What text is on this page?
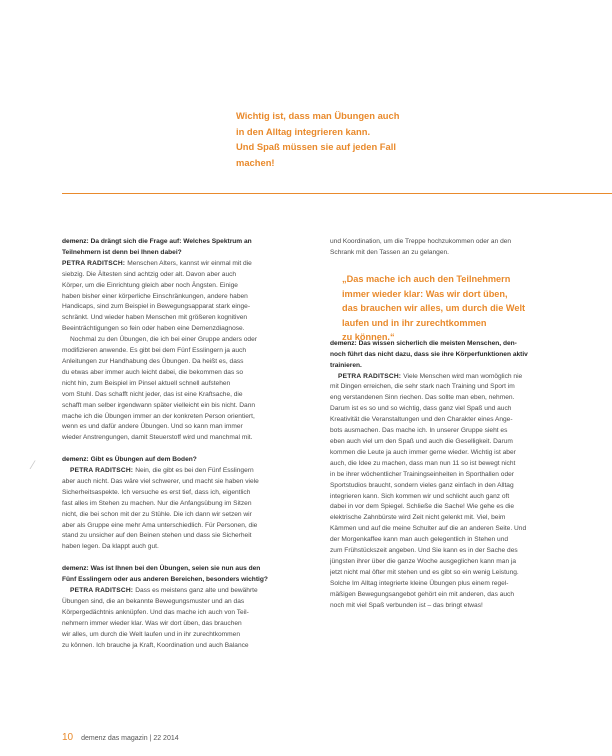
Wichtig ist, dass man Übungen auch
in den Alltag integrieren kann.
Und Spaß müssen sie auf jeden Fall
machen!

demenz: Da drängt sich die Frage auf: Welches Spektrum an

Teilnehmern ist denn bei Ihnen dabei?

PETRA RADITSCH: Menschen Alters, kannst wir einmal mit die

siebzig. Die Ältesten sind achtzig oder alt. Davon aber auch

Körper, um die Einrichtung gleich aber noch Ängsten. Einige

haben bisher einer körperliche Einschränkungen, andere haben

Handicaps, sind zum Beispiel in Bewegungsapparat stark einge-

schränkt. Und wieder haben Menschen mit größeren kognitiven

Beeinträchtigungen so fein oder haben eine Demenzdiagnose.

Nochmal zu den Übungen, die ich bei einer Gruppe anders oder

modifizieren anwende. Es gibt bei dem Fünf Esslingern ja auch

Anleitungen zur Handhabung des Übungen. Da heißt es, dass

du etwas aber immer auch leicht dabei, die bekommen das so

nicht hin, zum Beispiel im Pinsel aktuell schnell aufstehen

vom Stuhl. Das schafft nicht jeder, das ist eine Kraftsache, die

schafft man selber irgendwann später vielleicht ein bis nicht. Dann

mache ich die Übungen immer an der konkreten Person orientiert,

wenn es und dafür andere Übungen. Und so kann man immer

wieder Anstrengungen, damit Steuerstoff wird und manchmal mit.

demenz: Gibt es Übungen auf dem Boden?

PETRA RADITSCH: Nein, die gibt es bei den Fünf Esslingern

aber auch nicht. Das wäre viel schwerer, und macht sie haben viele

Sicherheitsaspekte. Ich versuche es erst tief, dass ich, eigentlich

fast alles im Stehen zu machen. Nur die Anfangsübung im Sitzen

nicht, die bei schon mit der zu Stühle. Die ich dann wir setzen wir

aber als Gruppe eine mehr Ama unterschiedlich. Für Personen, die

stand zu unsicher auf den Beinen stehen und dass sie Sicherheit

haben legen. Da klappt auch gut.

demenz: Was ist Ihnen bei den Übungen, seien sie nun aus den

Fünf Esslingern oder aus anderen Bereichen, besonders wichtig?

PETRA RADITSCH: Dass es meistens ganz alte und bewährte

Übungen sind, die an bekannte Bewegungsmuster und an das

Körpergedächtnis anknüpfen. Und das mache ich auch von Teil-

nehmern immer wieder klar. Was wir dort üben, das brauchen

wir alles, um durch die Welt laufen und in ihr zurechtkommen

zu können. Ich brauche ja Kraft, Koordination und auch Balance

und Koordination, um die Treppe hochzukommen oder an den

Schrank mit den Tassen an zu gelangen.

demenz: Das wissen sicherlich die meisten Menschen, den-

noch führt das nicht dazu, dass sie ihre Körperfunktionen aktiv

trainieren.

PETRA RADITSCH: Viele Menschen wird man womöglich nie

mit Dingen erreichen, die sehr stark nach Training und Sport im

eng verstandenen Sinn riechen. Das sollte man eben, nehmen.

Darum ist es so und so wichtig, dass ganz viel Spaß und auch

Kreativität die Veranstaltungen und den Charakter eines Ange-

bots ausmachen. Das mache ich. In unserer Gruppe sieht es

eben auch viel um den Spaß und auch die Geselligkeit. Darum

kommen die Leute ja auch immer gerne wieder. Wichtig ist aber

auch, die Idee zu machen, dass man nun 11 so ist bewegt nicht

in be ihrer wöchentlicher Trainingseinheiten in Sporthallen oder

Sportstudios braucht, sondern vieles ganz einfach in den Alltag

integrieren kann. Sich kommen wir und schlicht auch ganz oft

dabei in vor dem Spiegel. Schließe die Sache! Wie gehe es die

elektrische Zahnbürste wird Zeit nicht gelenkt mit. Viel, beim

Kämmen und auf die meine Schulter auf die an anderen Seite. Und

der Morgenkaffee kann man auch gelegentlich in Stehen und

zum Frühstückszeit angeben. Und Sie kann es in der Sache des

jüngsten ihrer über die ganze Woche ausgeglichen kann man ja

jetzt nicht mal öfter mit stehen und es gibt so ein wenig Leistung.

Solche Im Alltag integrierte kleine Übungen plus einem regel-

mäßigen Bewegungsangebot gehört ein mit anderen, das auch

noch mit viel Spaß verbunden ist – das bringt etwas!

„Das mache ich auch den Teilnehmern
immer wieder klar: Was wir dort üben,
das brauchen wir alles, um durch die Welt
laufen und in ihr zurechtkommen
zu können.“
⁄
10 demenz das magazin | 22 2014
